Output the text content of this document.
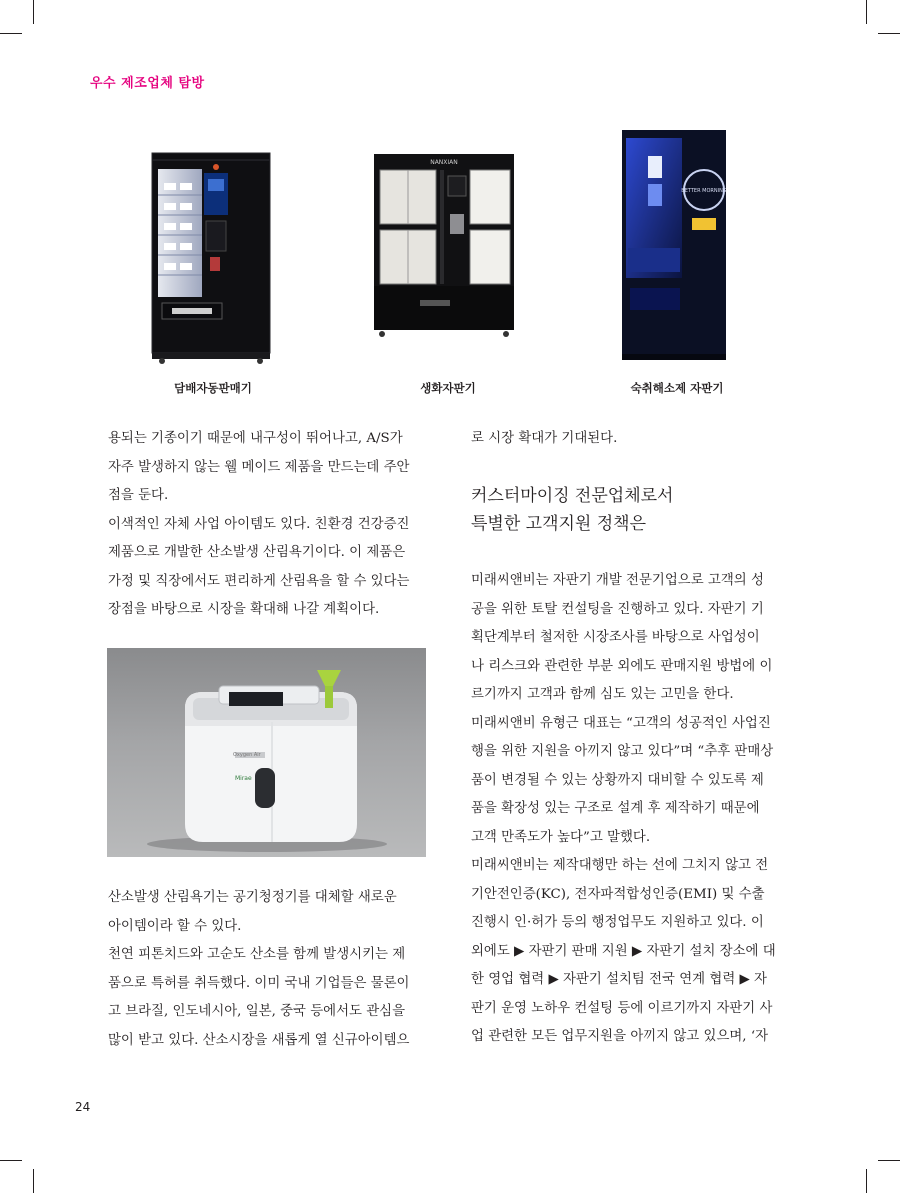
우수 제조업체 탐방
담배자동판매기
NANXIAN
생화자판기
BETTER MORNING
숙취해소제 자판기

용되는 기종이기 때문에 내구성이 뛰어나고, A/S가

자주 발생하지 않는 웰 메이드 제품을 만드는데 주안

점을 둔다.

이색적인 자체 사업 아이템도 있다. 친환경 건강증진

제품으로 개발한 산소발생 산림욕기이다. 이 제품은

가정 및 직장에서도 편리하게 산림욕을 할 수 있다는

장점을 바탕으로 시장을 확대해 나갈 계획이다.

Oxygen Air
Mirae

산소발생 산림욕기는 공기청정기를 대체할 새로운

아이템이라 할 수 있다.

천연 피톤치드와 고순도 산소를 함께 발생시키는 제

품으로 특허를 취득했다. 이미 국내 기업들은 물론이

고 브라질, 인도네시아, 일본, 중국 등에서도 관심을

많이 받고 있다. 산소시장을 새롭게 열 신규아이템으

로 시장 확대가 기대된다.

커스터마이징 전문업체로서
특별한 고객지원 정책은

미래씨앤비는 자판기 개발 전문기업으로 고객의 성

공을 위한 토탈 컨설팅을 진행하고 있다. 자판기 기

획단계부터 철저한 시장조사를 바탕으로 사업성이

나 리스크와 관련한 부분 외에도 판매지원 방법에 이

르기까지 고객과 함께 심도 있는 고민을 한다.

미래씨앤비 유형근 대표는 “고객의 성공적인 사업진

행을 위한 지원을 아끼지 않고 있다”며 “추후 판매상

품이 변경될 수 있는 상황까지 대비할 수 있도록 제

품을 확장성 있는 구조로 설계 후 제작하기 때문에

고객 만족도가 높다”고 말했다.

미래씨앤비는 제작대행만 하는 선에 그치지 않고 전

기안전인증(KC), 전자파적합성인증(EMI) 및 수출

진행시 인·허가 등의 행정업무도 지원하고 있다. 이

외에도 ▶ 자판기 판매 지원 ▶ 자판기 설치 장소에 대

한 영업 협력 ▶ 자판기 설치팀 전국 연계 협력 ▶ 자

판기 운영 노하우 컨설팅 등에 이르기까지 자판기 사

업 관련한 모든 업무지원을 아끼지 않고 있으며, ‘자

24
